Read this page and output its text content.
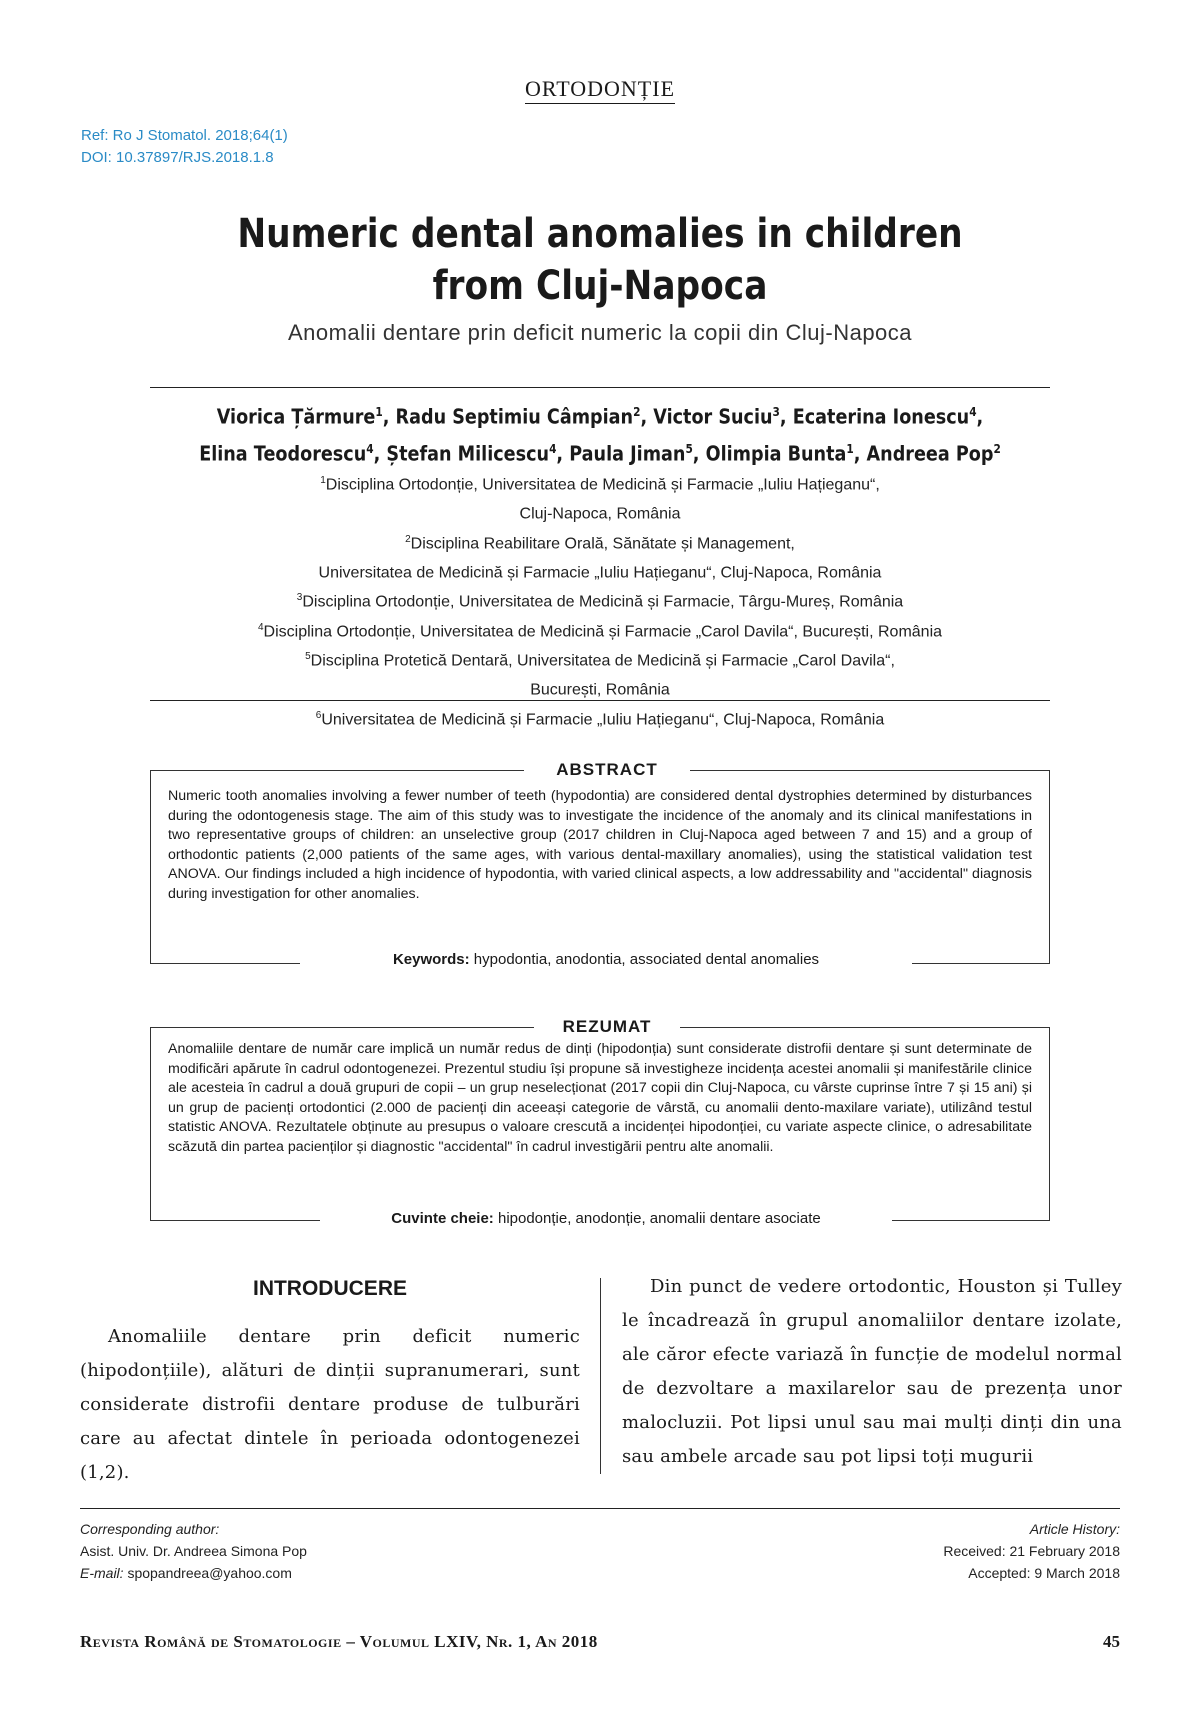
ORTODONȚIE
Ref: Ro J Stomatol. 2018;64(1)
DOI: 10.37897/RJS.2018.1.8
Numeric dental anomalies in children
from Cluj-Napoca
Anomalii dentare prin deficit numeric la copii din Cluj-Napoca
Viorica Țărmure$^1$, Radu Septimiu Câmpian$^2$, Victor Suciu$^3$, Ecaterina Ionescu$^4$,
Elina Teodorescu$^4$, Ștefan Milicescu$^4$, Paula Jiman$^5$, Olimpia Bunta$^1$, Andreea Pop$^2$
$^1$Disciplina Ortodonție, Universitatea de Medicină și Farmacie „Iuliu Hațieganu“,
Cluj-Napoca, România
$^2$Disciplina Reabilitare Orală, Sănătate și Management,
Universitatea de Medicină și Farmacie „Iuliu Hațieganu“, Cluj-Napoca, România
$^3$Disciplina Ortodonție, Universitatea de Medicină și Farmacie, Târgu-Mureș, România
$^4$Disciplina Ortodonție, Universitatea de Medicină și Farmacie „Carol Davila“, București, România
$^5$Disciplina Protetică Dentară, Universitatea de Medicină și Farmacie „Carol Davila“,
București, România
$^6$Universitatea de Medicină și Farmacie „Iuliu Hațieganu“, Cluj-Napoca, România
ABSTRACT
Numeric tooth anomalies involving a fewer number of teeth (hypodontia) are considered dental dystrophies determined by disturbances during the odontogenesis stage. The aim of this study was to investigate the incidence of the anomaly and its clinical manifestations in two representative groups of children: an unselective group (2017 children in Cluj-Napoca aged between 7 and 15) and a group of orthodontic patients (2,000 patients of the same ages, with various dental-maxillary anomalies), using the statistical validation test ANOVA. Our findings included a high incidence of hypodontia, with varied clinical aspects, a low addressability and "accidental" diagnosis during investigation for other anomalies.
Keywords: hypodontia, anodontia, associated dental anomalies
REZUMAT
Anomaliile dentare de număr care implică un număr redus de dinți (hipodonția) sunt considerate distrofii dentare și sunt determinate de modificări apărute în cadrul odontogenezei. Prezentul studiu își propune să investigheze incidența acestei anomalii și manifestările clinice ale acesteia în cadrul a două grupuri de copii – un grup neselecționat (2017 copii din Cluj-Napoca, cu vârste cuprinse între 7 și 15 ani) și un grup de pacienți ortodontici (2.000 de pacienți din aceeași categorie de vârstă, cu anomalii dento-maxilare variate), utilizând testul statistic ANOVA. Rezultatele obținute au presupus o valoare crescută a incidenței hipodonției, cu variate aspecte clinice, o adresabilitate scăzută din partea pacienților și diagnostic "accidental" în cadrul investigării pentru alte anomalii.
Cuvinte cheie: hipodonție, anodonție, anomalii dentare asociate
INTRODUCERE
Anomaliile dentare prin deficit numeric (hipodonțiile), alături de dinții supranumerari, sunt considerate distrofii dentare produse de tulburări care au afectat dintele în perioada odontogenezei (1,2).
Din punct de vedere ortodontic, Houston și Tulley le încadrează în grupul anomaliilor dentare izolate, ale căror efecte variază în funcție de modelul normal de dezvoltare a maxilarelor sau de prezența unor malocluzii. Pot lipsi unul sau mai mulți dinți din una sau ambele arcade sau pot lipsi toți mugurii
Corresponding author:
Asist. Univ. Dr. Andreea Simona Pop
E-mail: spopandreea@yahoo.com
Article History:
Received: 21 February 2018
Accepted: 9 March 2018
Revista Română de Stomatologie – Volumul LXIV, Nr. 1, An 2018	45
